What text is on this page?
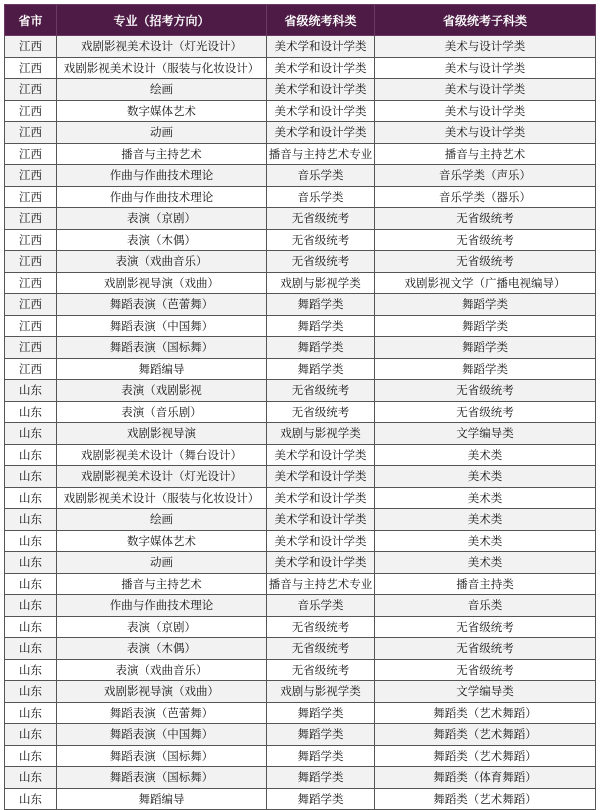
省市	专业（招考方向）	省级统考科类	省级统考子科类
江西	戏剧影视美术设计（灯光设计）	美术学和设计学类	美术与设计学类
江西	戏剧影视美术设计（服装与化妆设计）	美术学和设计学类	美术与设计学类
江西	绘画	美术学和设计学类	美术与设计学类
江西	数字媒体艺术	美术学和设计学类	美术与设计学类
江西	动画	美术学和设计学类	美术与设计学类
江西	播音与主持艺术	播音与主持艺术专业	播音与主持艺术
江西	作曲与作曲技术理论	音乐学类	音乐学类（声乐）
江西	作曲与作曲技术理论	音乐学类	音乐学类（器乐）
江西	表演（京剧）	无省级统考	无省级统考
江西	表演（木偶）	无省级统考	无省级统考
江西	表演（戏曲音乐）	无省级统考	无省级统考
江西	戏剧影视导演（戏曲）	戏剧与影视学类	戏剧影视文学（广播电视编导）
江西	舞蹈表演（芭蕾舞）	舞蹈学类	舞蹈学类
江西	舞蹈表演（中国舞）	舞蹈学类	舞蹈学类
江西	舞蹈表演（国标舞）	舞蹈学类	舞蹈学类
江西	舞蹈编导	舞蹈学类	舞蹈学类
山东	表演（戏剧影视	无省级统考	无省级统考
山东	表演（音乐剧）	无省级统考	无省级统考
山东	戏剧影视导演	戏剧与影视学类	文学编导类
山东	戏剧影视美术设计（舞台设计）	美术学和设计学类	美术类
山东	戏剧影视美术设计（灯光设计）	美术学和设计学类	美术类
山东	戏剧影视美术设计（服装与化妆设计）	美术学和设计学类	美术类
山东	绘画	美术学和设计学类	美术类
山东	数字媒体艺术	美术学和设计学类	美术类
山东	动画	美术学和设计学类	美术类
山东	播音与主持艺术	播音与主持艺术专业	播音主持类
山东	作曲与作曲技术理论	音乐学类	音乐类
山东	表演（京剧）	无省级统考	无省级统考
山东	表演（木偶）	无省级统考	无省级统考
山东	表演（戏曲音乐）	无省级统考	无省级统考
山东	戏剧影视导演（戏曲）	戏剧与影视学类	文学编导类
山东	舞蹈表演（芭蕾舞）	舞蹈学类	舞蹈类（艺术舞蹈）
山东	舞蹈表演（中国舞）	舞蹈学类	舞蹈类（艺术舞蹈）
山东	舞蹈表演（国标舞）	舞蹈学类	舞蹈类（艺术舞蹈）
山东	舞蹈表演（国标舞）	舞蹈学类	舞蹈类（体育舞蹈）
山东	舞蹈编导	舞蹈学类	舞蹈类（艺术舞蹈）
